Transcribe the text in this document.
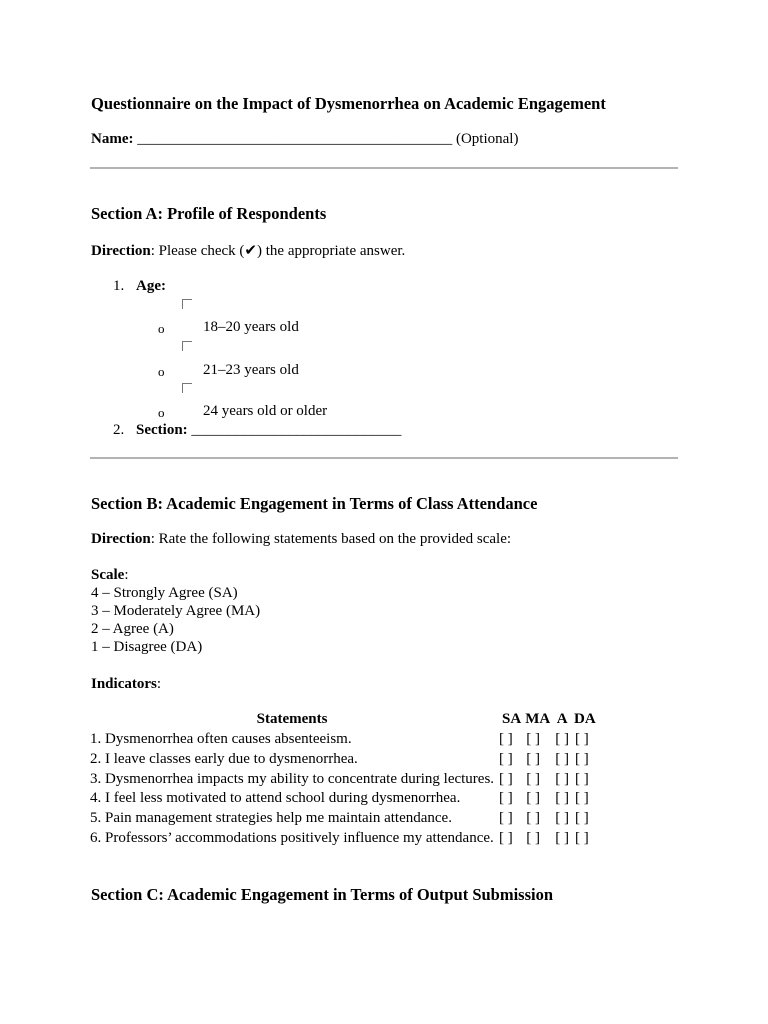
Questionnaire on the Impact of Dysmenorrhea on Academic Engagement
Name: __________________________________________ (Optional)
Section A: Profile of Respondents
Direction: Please check (✔) the appropriate answer.
1. Age:
o	18–20 years old
o	21–23 years old
o	24 years old or older
2. Section: ____________________________
Section B: Academic Engagement in Terms of Class Attendance
Direction: Rate the following statements based on the provided scale:
Scale:
4 – Strongly Agree (SA)
3 – Moderately Agree (MA)
2 – Agree (A)
1 – Disagree (DA)
Indicators:
Statements	SA	MA	A	DA
1. Dysmenorrhea often causes absenteeism.	[ ]	[ ]	[ ]	[ ]
2. I leave classes early due to dysmenorrhea.	[ ]	[ ]	[ ]	[ ]
3. Dysmenorrhea impacts my ability to concentrate during lectures.	[ ]	[ ]	[ ]	[ ]
4. I feel less motivated to attend school during dysmenorrhea.	[ ]	[ ]	[ ]	[ ]
5. Pain management strategies help me maintain attendance.	[ ]	[ ]	[ ]	[ ]
6. Professors’ accommodations positively influence my attendance.	[ ]	[ ]	[ ]	[ ]
Section C: Academic Engagement in Terms of Output Submission
